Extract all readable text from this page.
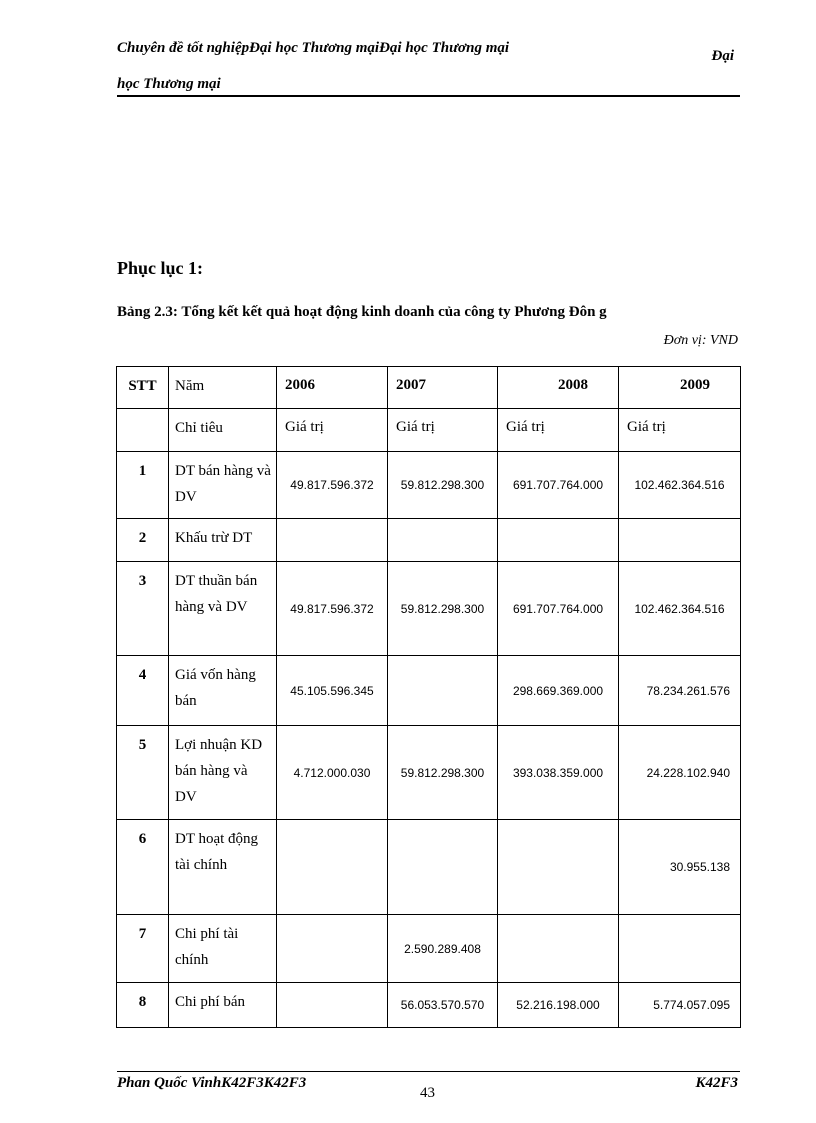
Chuyên đề tốt nghiệpĐại học Thương mạiĐại học Thương mại
học Thương mại
Đại
Phục lục 1:
Bảng 2.3: Tổng kết kết quả hoạt động kinh doanh của công ty Phương Đôn g
Đơn vị: VND
STT	Năm	2006	2007	2008	2009
	Chỉ tiêu	Giá trị	Giá trị	Giá trị	Giá trị
1	DT bán hàng và DV	49.817.596.372	59.812.298.300	691.707.764.000	102.462.364.516
2	Khấu trừ DT				
3	DT thuần bán hàng và DV	49.817.596.372	59.812.298.300	691.707.764.000	102.462.364.516
4	Giá vốn hàng bán	45.105.596.345		298.669.369.000	78.234.261.576
5	Lợi nhuận KD bán hàng và DV	4.712.000.030	59.812.298.300	393.038.359.000	24.228.102.940
6	DT hoạt động tài chính				30.955.138
7	Chi phí tài chính		2.590.289.408		
8	Chi phí bán		56.053.570.570	52.216.198.000	5.774.057.095
Phan Quốc VinhK42F3K42F3
43
K42F3
